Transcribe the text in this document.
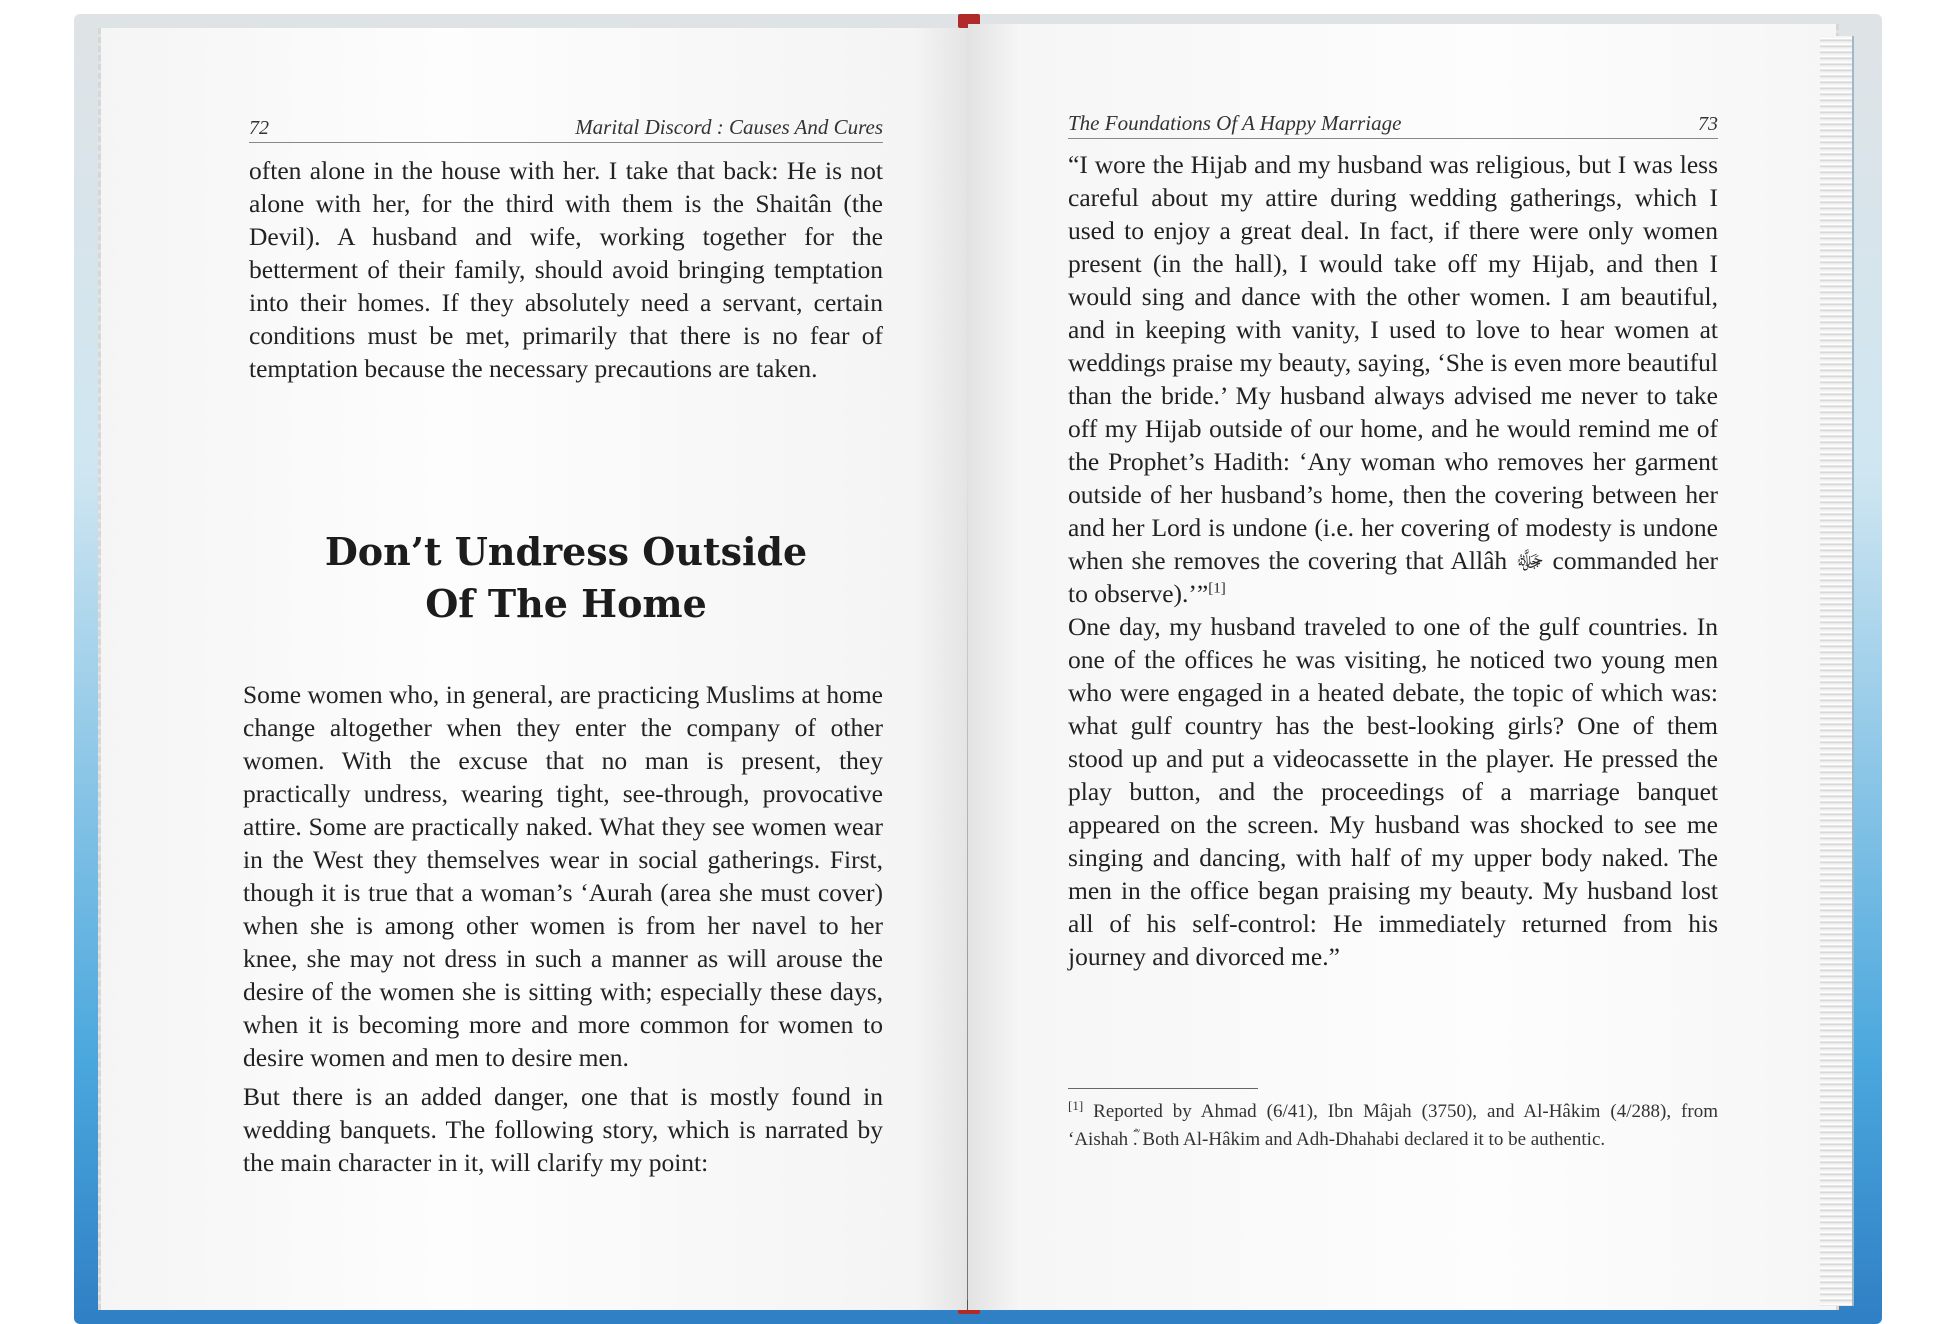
72	Marital Discord : Causes And Cures

often alone in the house with her. I take that back: He is not alone with her, for the third with them is the Shaitân (the Devil). A husband and wife, working together for the betterment of their family, should avoid bringing temptation into their homes. If they absolutely need a servant, certain conditions must be met, primarily that there is no fear of temptation because the necessary precautions are taken.

Don’t Undress Outside
Of The Home

Some women who, in general, are practicing Muslims at home change altogether when they enter the company of other women. With the excuse that no man is present, they practically undress, wearing tight, see-through, provocative attire. Some are practically naked. What they see women wear in the West they themselves wear in social gatherings. First, though it is true that a woman’s ‘Aurah (area she must cover) when she is among other women is from her navel to her knee, she may not dress in such a manner as will arouse the desire of the women she is sitting with; especially these days, when it is becoming more and more common for women to desire women and men to desire men.

But there is an added danger, one that is mostly found in wedding banquets. The following story, which is narrated by the main character in it, will clarify my point:

The Foundations Of A Happy Marriage	73

“I wore the Hijab and my husband was religious, but I was less careful about my attire during wedding gatherings, which I used to enjoy a great deal. In fact, if there were only women present (in the hall), I would take off my Hijab, and then I would sing and dance with the other women. I am beautiful, and in keeping with vanity, I used to love to hear women at weddings praise my beauty, saying, ‘She is even more beautiful than the bride.’ My husband always advised me never to take off my Hijab outside of our home, and he would remind me of the Prophet’s Hadith: ‘Any woman who removes her garment outside of her husband’s home, then the covering between her and her Lord is undone (i.e. her covering of modesty is undone when she removes the covering that Allâh ﷻ commanded her to observe).’”[1]

One day, my husband traveled to one of the gulf countries. In one of the offices he was visiting, he noticed two young men who were engaged in a heated debate, the topic of which was: what gulf country has the best-looking girls? One of them stood up and put a videocassette in the player. He pressed the play button, and the proceedings of a marriage banquet appeared on the screen. My husband was shocked to see me singing and dancing, with half of my upper body naked. The men in the office began praising my beauty. My husband lost all of his self-control: He immediately returned from his journey and divorced me.”

[1] Reported by Ahmad (6/41), Ibn Mâjah (3750), and Al-Hâkim (4/288), from ‘Aishah ؓ. Both Al-Hâkim and Adh-Dhahabi declared it to be authentic.
